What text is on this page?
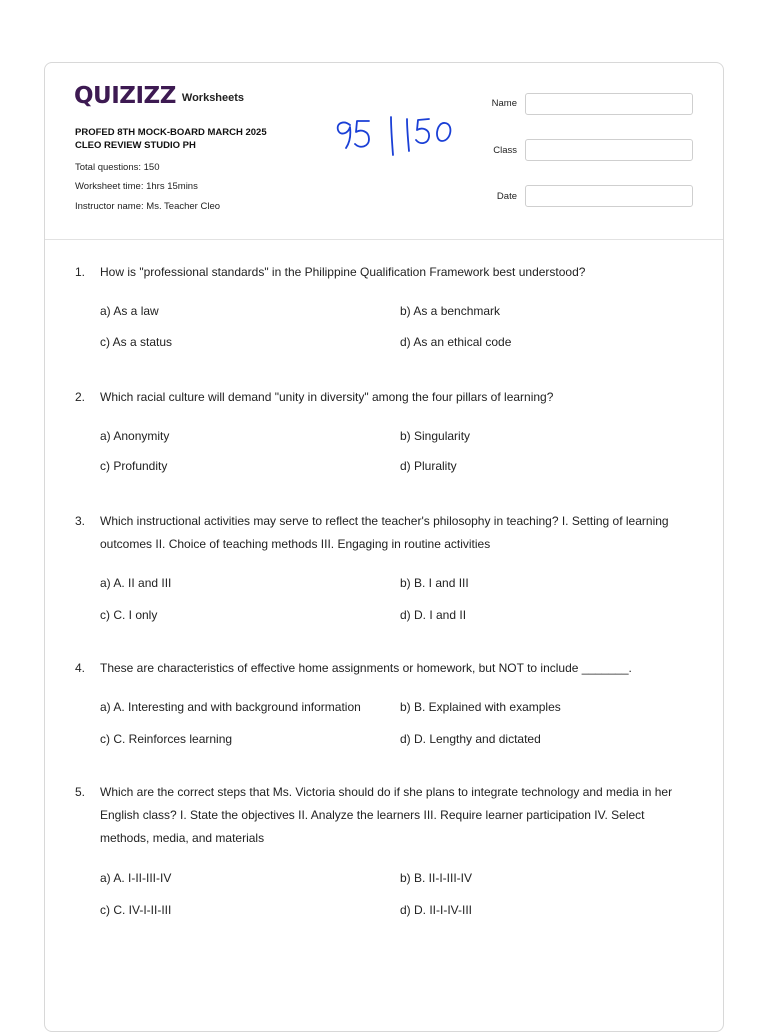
QUIZIZZ Worksheets
PROFED 8TH MOCK-BOARD MARCH 2025
CLEO REVIEW STUDIO PH
Total questions: 150
Worksheet time: 1hrs 15mins
Instructor name: Ms. Teacher Cleo
Name
Class
Date
1. How is "professional standards" in the Philippine Qualification Framework best understood?
a) As a law	b) As a benchmark
c) As a status	d) As an ethical code
2. Which racial culture will demand "unity in diversity" among the four pillars of learning?
a) Anonymity	b) Singularity
c) Profundity	d) Plurality
3. Which instructional activities may serve to reflect the teacher's philosophy in teaching? I. Setting of learning outcomes II. Choice of teaching methods III. Engaging in routine activities
a) A. II and III	b) B. I and III
c) C. I only	d) D. I and II
4. These are characteristics of effective home assignments or homework, but NOT to include _______.
a) A. Interesting and with background information	b) B. Explained with examples
c) C. Reinforces learning	d) D. Lengthy and dictated
5. Which are the correct steps that Ms. Victoria should do if she plans to integrate technology and media in her English class? I. State the objectives II. Analyze the learners III. Require learner participation IV. Select methods, media, and materials
a) A. I-II-III-IV	b) B. II-I-III-IV
c) C. IV-I-II-III	d) D. II-I-IV-III
